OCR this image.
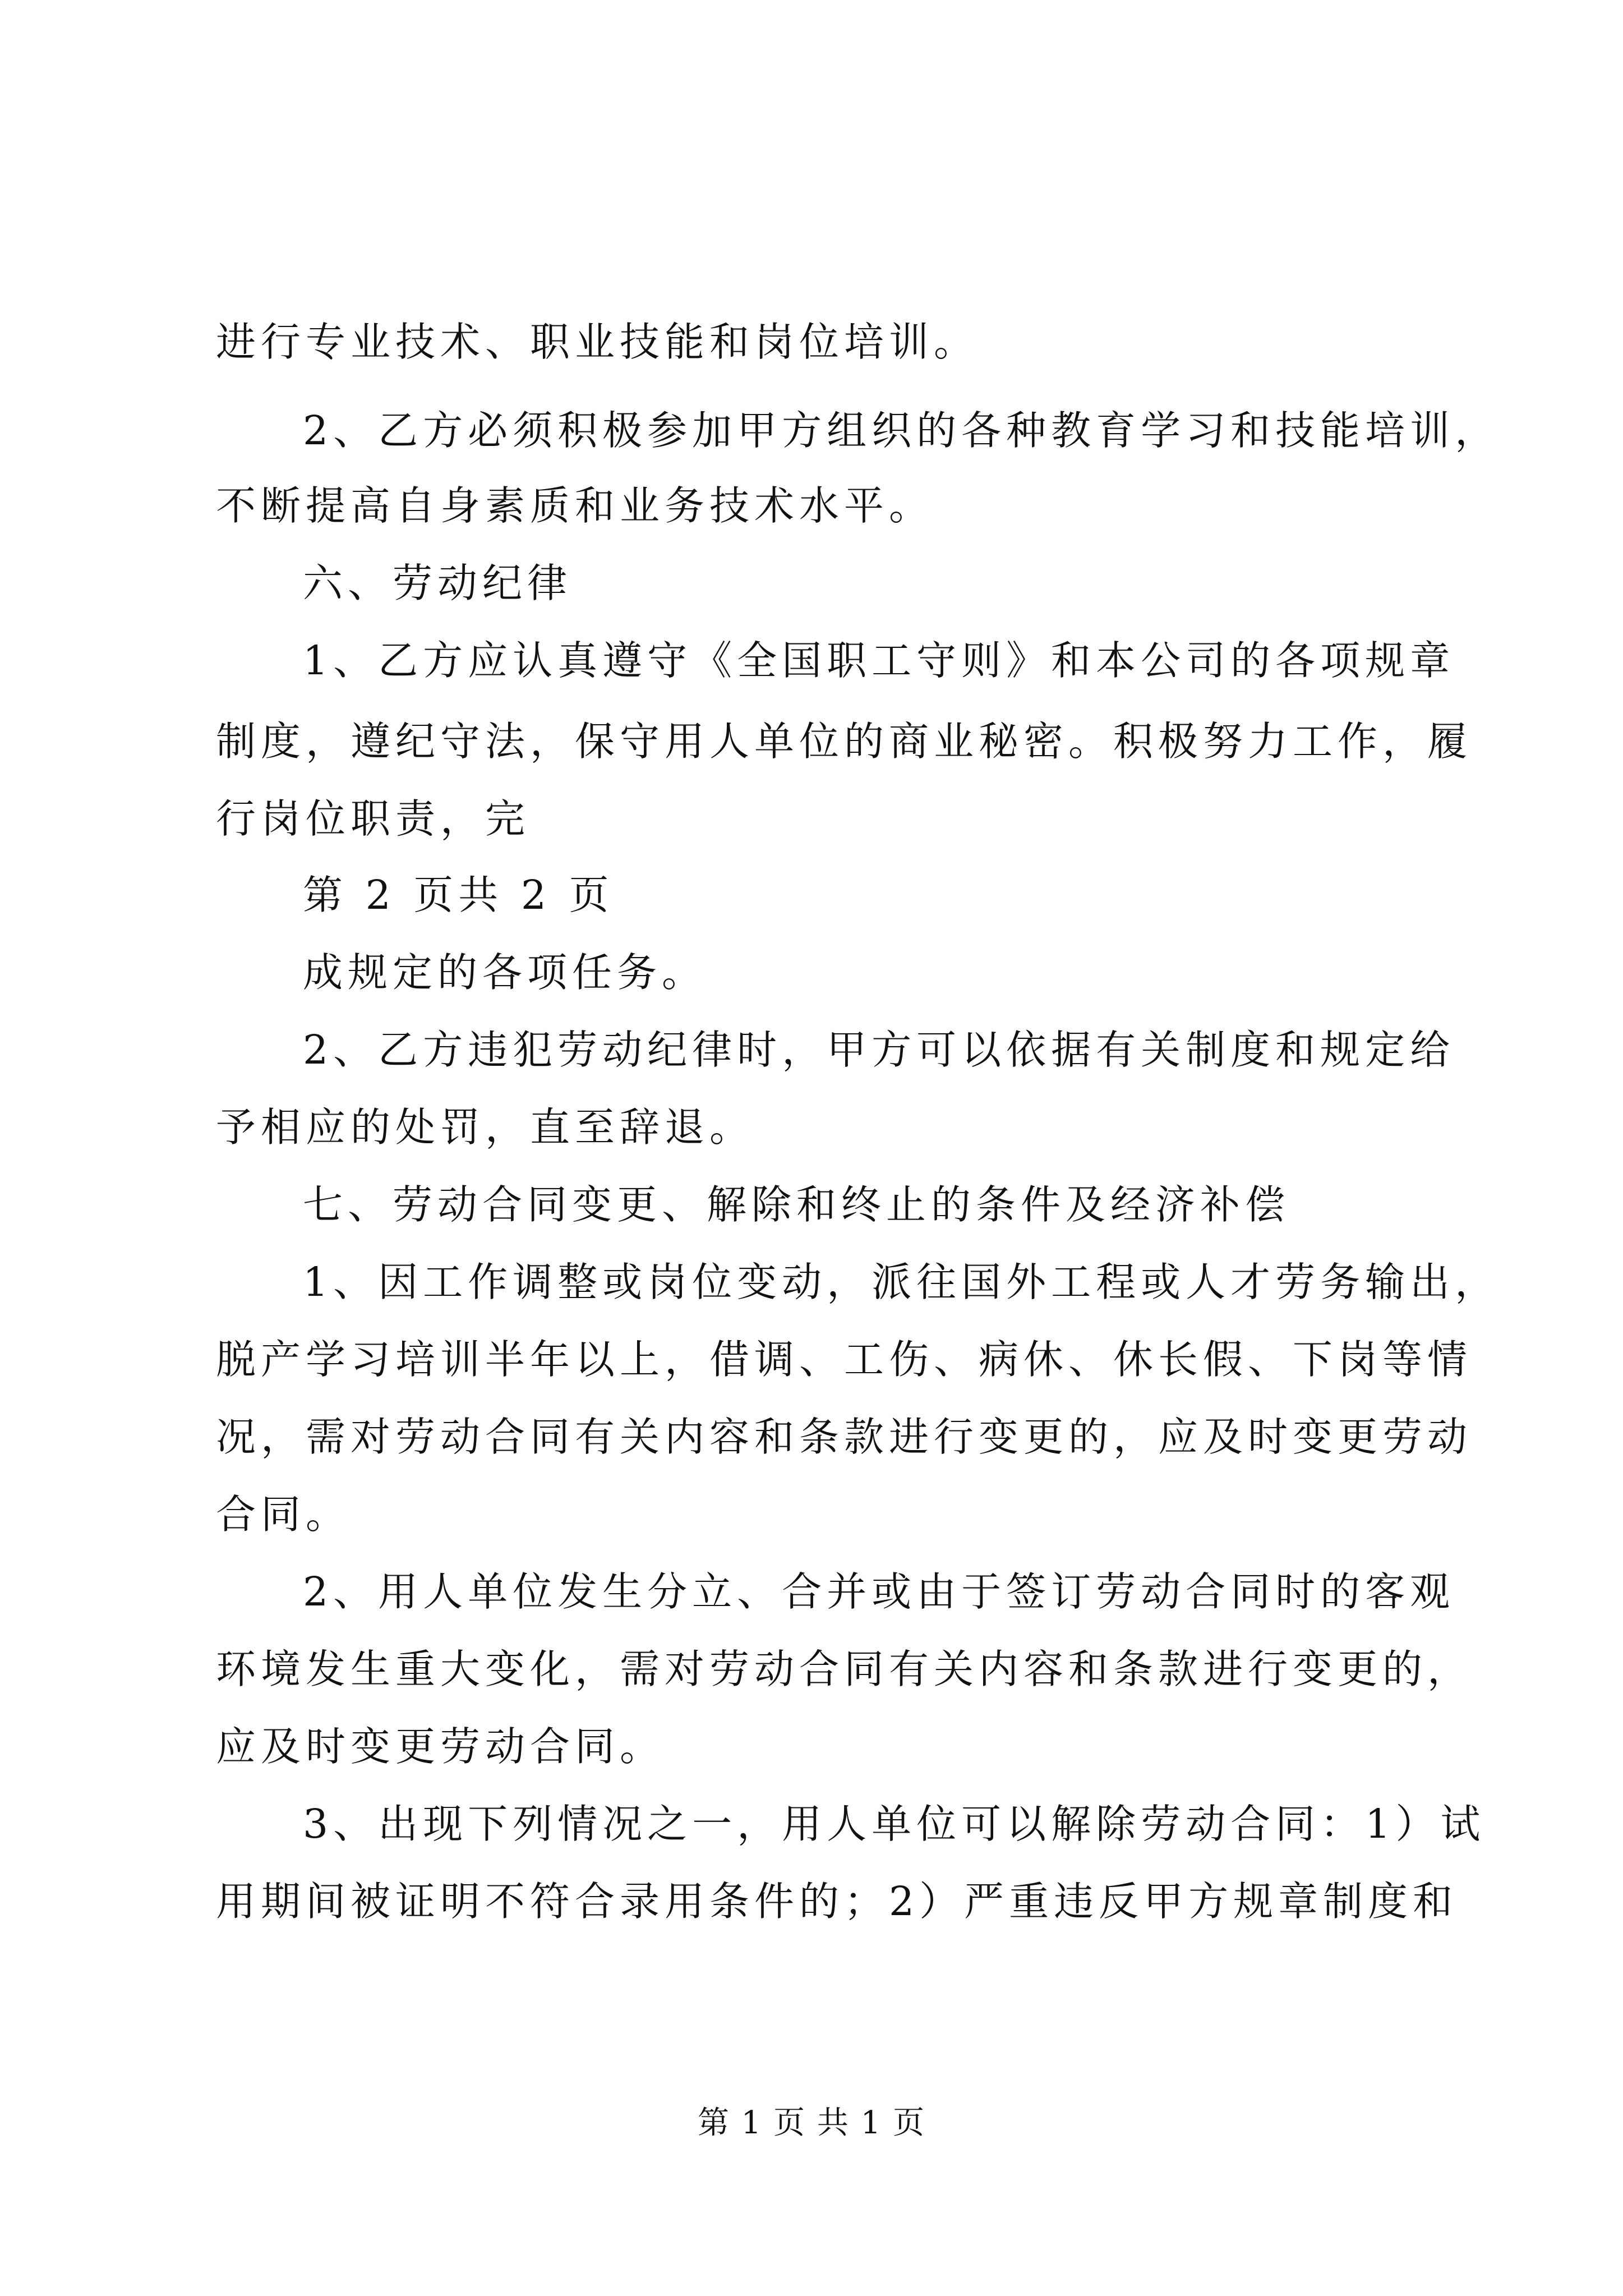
进行专业技术、职业技能和岗位培训。
2、乙方必须积极参加甲方组织的各种教育学习和技能培训，
不断提高自身素质和业务技术水平。
六、劳动纪律
1、乙方应认真遵守《全国职工守则》和本公司的各项规章
制度，遵纪守法，保守用人单位的商业秘密。积极努力工作，履
行岗位职责，完
第 2 页共 2 页
成规定的各项任务。
2、乙方违犯劳动纪律时，甲方可以依据有关制度和规定给
予相应的处罚，直至辞退。
七、劳动合同变更、解除和终止的条件及经济补偿
1、因工作调整或岗位变动，派往国外工程或人才劳务输出，
脱产学习培训半年以上，借调、工伤、病休、休长假、下岗等情
况，需对劳动合同有关内容和条款进行变更的，应及时变更劳动
合同。
2、用人单位发生分立、合并或由于签订劳动合同时的客观
环境发生重大变化，需对劳动合同有关内容和条款进行变更的，
应及时变更劳动合同。
3、出现下列情况之一，用人单位可以解除劳动合同：1）试
用期间被证明不符合录用条件的；2）严重违反甲方规章制度和
第 1 页 共 1 页
